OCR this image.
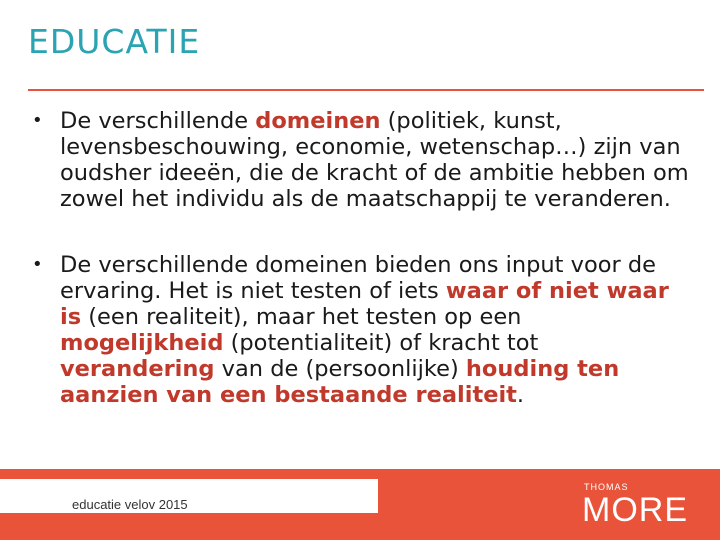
EDUCATIE
• De verschillende domeinen (politiek, kunst, levensbeschouwing, economie, wetenschap…) zijn van oudsher ideeën, die de kracht of de ambitie hebben om zowel het individu als de maatschappij te veranderen.
• De verschillende domeinen bieden ons input voor de ervaring. Het is niet testen of iets waar of niet waar is (een realiteit), maar het testen op een mogelijkheid (potentialiteit) of kracht tot verandering van de (persoonlijke) houding ten aanzien van een bestaande realiteit.
educatie velov 2015
THOMAS
MORE
